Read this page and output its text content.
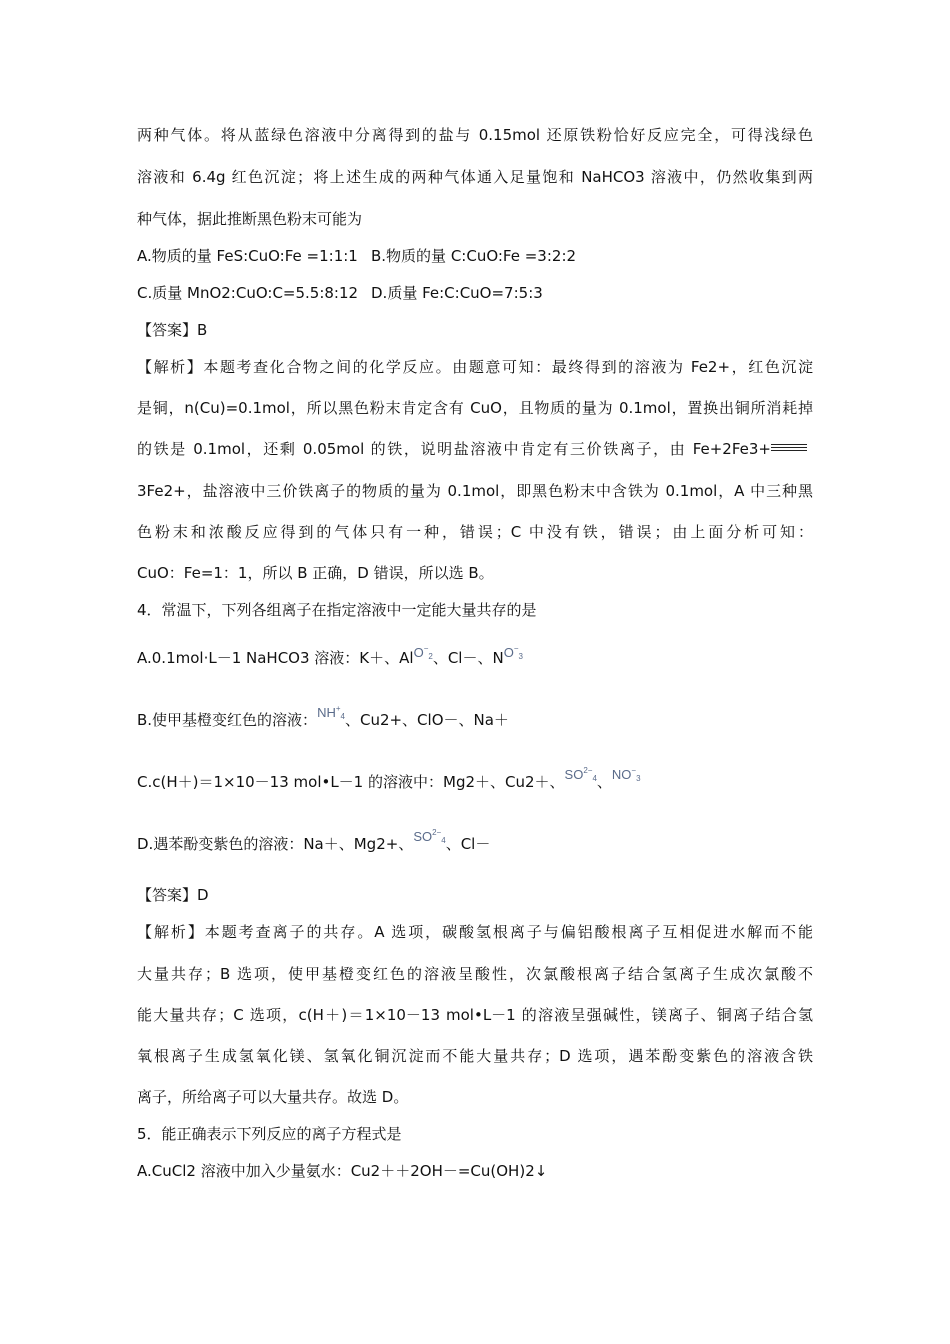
两种气体。将从蓝绿色溶液中分离得到的盐与 0.15mol 还原铁粉恰好反应完全，可得浅绿色
溶液和 6.4g 红色沉淀；将上述生成的两种气体通入足量饱和 NaHCO3 溶液中，仍然收集到两
种气体，据此推断黑色粉末可能为
A.物质的量 FeS:CuO:Fe =1:1:1 B.物质的量 C:CuO:Fe =3:2:2
C.质量 MnO2:CuO:C=5.5:8:12 D.质量 Fe:C:CuO=7:5:3
【答案】B
【解析】本题考查化合物之间的化学反应。由题意可知：最终得到的溶液为 Fe2+，红色沉淀
是铜，n(Cu)=0.1mol，所以黑色粉末肯定含有 CuO，且物质的量为 0.1mol，置换出铜所消耗掉
的铁是 0.1mol，还剩 0.05mol 的铁，说明盐溶液中肯定有三价铁离子，由 Fe+2Fe3+
3Fe2+，盐溶液中三价铁离子的物质的量为 0.1mol，即黑色粉末中含铁为 0.1mol，A 中三种黑
色粉末和浓酸反应得到的气体只有一种，错误；C 中没有铁，错误；由上面分析可知：
CuO：Fe=1：1，所以 B 正确，D 错误，所以选 B。
4．常温下，下列各组离子在指定溶液中一定能大量共存的是
A.0.1mol·L－1 NaHCO3 溶液：K＋、AlO−2、Cl－、NO−3
B.使甲基橙变红色的溶液：NH+4、Cu2+、ClO－、Na＋
C.c(H＋)＝1×10－13 mol•L－1 的溶液中：Mg2＋、Cu2＋、$SO^{2-}4$、NO−3
D.遇苯酚变紫色的溶液：Na＋、Mg2+、$SO^{2-}4$、Cl－
【答案】D
【解析】本题考查离子的共存。A 选项，碳酸氢根离子与偏铝酸根离子互相促进水解而不能
大量共存；B 选项，使甲基橙变红色的溶液呈酸性，次氯酸根离子结合氢离子生成次氯酸不
能大量共存；C 选项，c(H＋)＝1×10－13 mol•L－1 的溶液呈强碱性，镁离子、铜离子结合氢
氧根离子生成氢氧化镁、氢氧化铜沉淀而不能大量共存；D 选项，遇苯酚变紫色的溶液含铁
离子，所给离子可以大量共存。故选 D。
5．能正确表示下列反应的离子方程式是
A.CuCl2 溶液中加入少量氨水：Cu2＋＋2OH－=Cu(OH)2↓
